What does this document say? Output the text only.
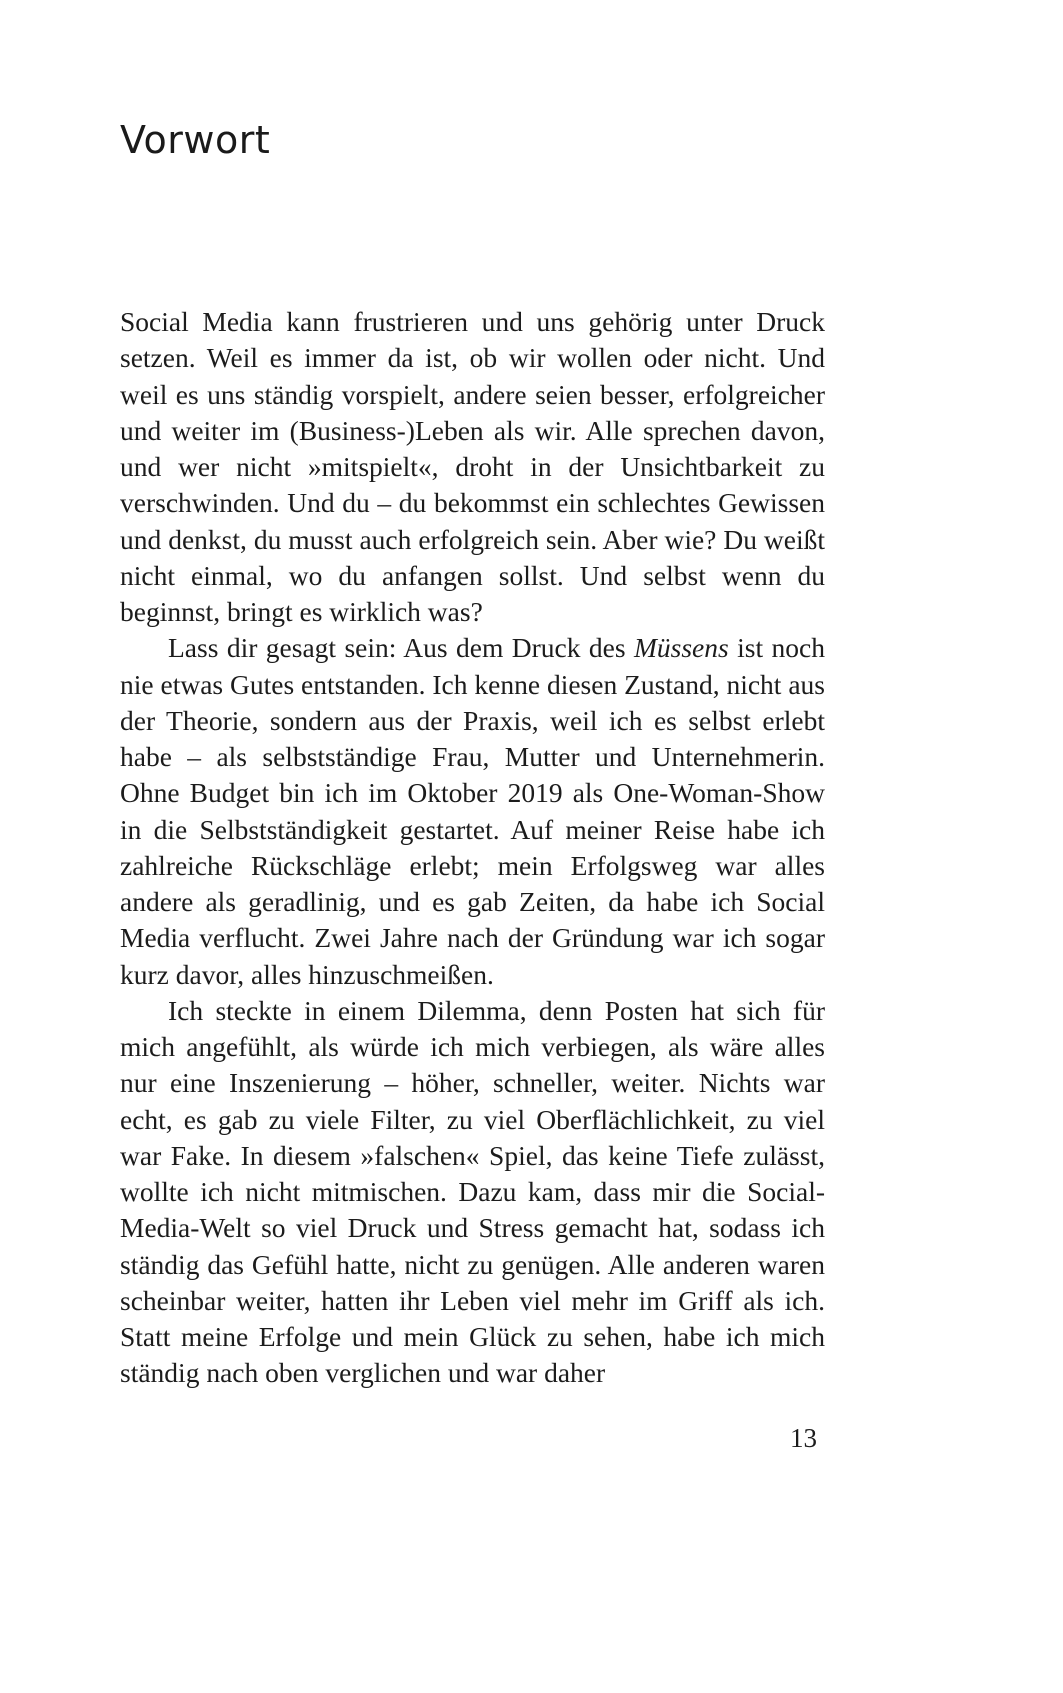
Vorwort

Social Media kann frustrieren und uns gehörig unter Druck setzen. Weil es immer da ist, ob wir wollen oder nicht. Und weil es uns ständig vorspielt, andere seien besser, erfolgreicher und weiter im (Business-)Leben als wir. Alle sprechen davon, und wer nicht »mitspielt«, droht in der Unsichtbarkeit zu verschwinden. Und du – du bekommst ein schlechtes Gewissen und denkst, du musst auch erfolgreich sein. Aber wie? Du weißt nicht einmal, wo du anfangen sollst. Und selbst wenn du beginnst, bringt es wirklich was?

Lass dir gesagt sein: Aus dem Druck des Müssens ist noch nie etwas Gutes entstanden. Ich kenne diesen Zustand, nicht aus der Theorie, sondern aus der Praxis, weil ich es selbst erlebt habe – als selbstständige Frau, Mutter und Unternehmerin. Ohne Budget bin ich im Oktober 2019 als One-Woman-Show in die Selbstständigkeit gestartet. Auf meiner Reise habe ich zahlreiche Rückschläge erlebt; mein Erfolgsweg war alles andere als geradlinig, und es gab Zeiten, da habe ich Social Media verflucht. Zwei Jahre nach der Gründung war ich sogar kurz davor, alles hinzuschmeißen.

Ich steckte in einem Dilemma, denn Posten hat sich für mich angefühlt, als würde ich mich verbiegen, als wäre alles nur eine Inszenierung – höher, schneller, weiter. Nichts war echt, es gab zu viele Filter, zu viel Oberflächlichkeit, zu viel war Fake. In diesem »falschen« Spiel, das keine Tiefe zulässt, wollte ich nicht mitmischen. Dazu kam, dass mir die Social-Media-Welt so viel Druck und Stress gemacht hat, sodass ich ständig das Gefühl hatte, nicht zu genügen. Alle anderen waren scheinbar weiter, hatten ihr Leben viel mehr im Griff als ich. Statt meine Erfolge und mein Glück zu sehen, habe ich mich ständig nach oben verglichen und war daher

13
